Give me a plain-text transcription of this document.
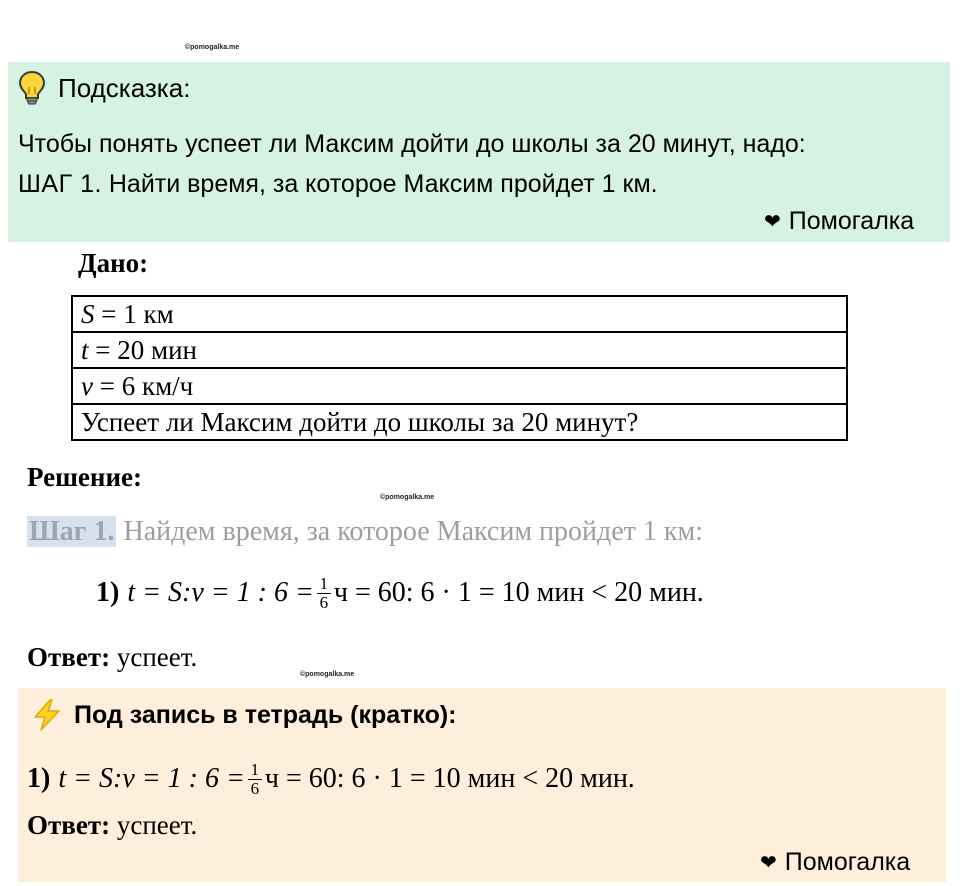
©pomogalka.me
©pomogalka.me
©pomogalka.me
Подсказка:
Чтобы понять успеет ли Максим дойти до школы за 20 минут, надо:
ШАГ 1. Найти время, за которое Максим пройдет 1 км.
❤ Помогалка
Дано:
S = 1 км
t = 20 мин
v = 6 км/ч
Успеет ли Максим дойти до школы за 20 минут?
Решение:
Шаг 1. Найдем время, за которое Максим пройдет 1 км:
1) t = S:v = 1 : $6 = \frac{1}{6}$ ч = 60: 6 · 1 = 10 мин < 20 мин.
Ответ: успеет.
Под запись в тетрадь (кратко):
1) t = S:v = 1 : $6 = \frac{1}{6}$ ч = 60: 6 · 1 = 10 мин < 20 мин.
Ответ: успеет.
❤ Помогалка
